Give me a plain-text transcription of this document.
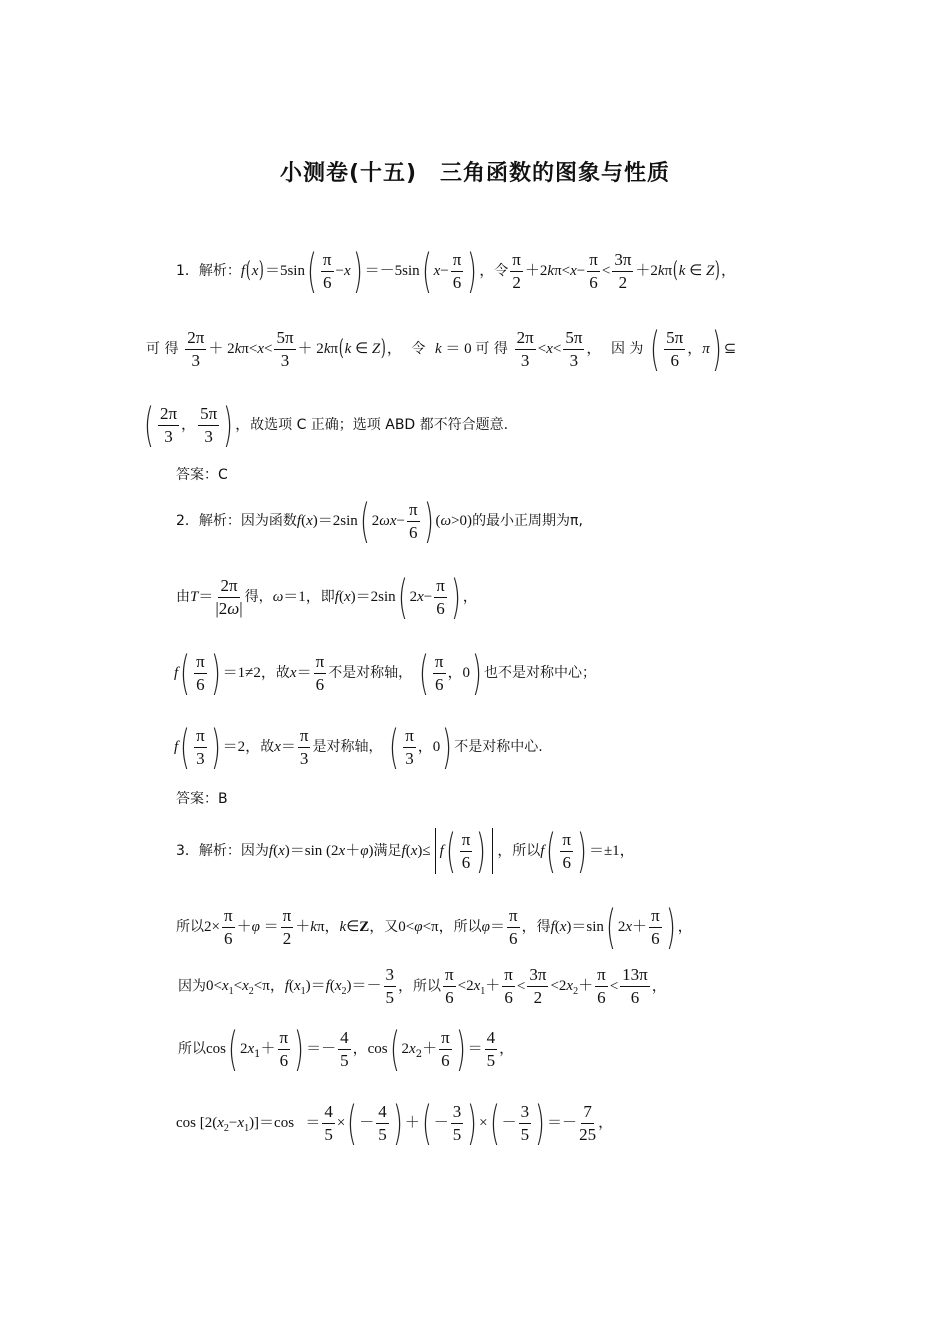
小测卷(十五)　三角函数的图象与性质
1．解析：$f(x)=5\sin( \frac{\pi}{6} -x) =-5\sin$( $x- \frac{\pi}{6}$ ) ，令 $\frac{\pi}{2} +2k\pi<x- \frac{\pi}{6} < \frac{3\pi}{2} +2k\pi(k$ ∈ Z)，
可 得 $\frac{2\pi}{3} + 2k\pi<x< \frac{5\pi}{3} + 2k\pi(k$ ∈ Z)， 令 k ＝ 0 可 得 $\frac{2\pi}{3} <x< \frac{5\pi}{3}$ ， 因 为 ( $\frac{5\pi}{6}$ ，π) ⊆
( $\frac{2\pi}{3}$ ， $\frac{5\pi}{3}$ ) ，故选项 C 正确；选项 ABD 都不符合题意.
答案：C
2．解析：因为函数f(x)＝2sin( $2\omega x- \frac{\pi}{6}$ ) (ω>0)的最小正周期为π,
由$T= \frac{2\pi}{|2\omega|}$ 得，ω＝1，即f(x)＝2sin( $2x- \frac{\pi}{6}$ ) ，
$f( \frac{\pi}{6}$ ) ＝1≠2，故$x= \frac{\pi}{6}$ 不是对称轴， ( $\frac{\pi}{6}$ ，0) 也不是对称中心；
$f( \frac{\pi}{3}$ ) ＝2，故$x= \frac{\pi}{3}$ 是对称轴， ( $\frac{\pi}{3}$ ，0) 不是对称中心.
答案：B
3．解析：因为f(x)＝sin (2x＋φ)满足$f(x)\le f( \frac{\pi}{6}$ ) ，所以$f( \frac{\pi}{6}$ ) ＝±1，
所以$2\times \frac{\pi}{6} +\varphi = \frac{\pi}{2} +k\pi$，k∈Z，又0<φ<π，所以$\varphi= \frac{\pi}{6}$ ，得f(x)＝sin( $2x+ \frac{\pi}{6}$ ) ，
因为$0<x_1<x_2<\pi$，$f(x_1)=f(x_2)=- \frac{3}{5}$ ，所以 $\frac{\pi}{6} <2x_1+ \frac{\pi}{6} < \frac{3\pi}{2} <2x_2+ \frac{\pi}{6} < \frac{13\pi}{6}$ ，
所以cos( $2x_1+ \frac{\pi}{6}$ ) ＝－ $\frac{4}{5}$ ，cos( $2x_2+ \frac{\pi}{6}$ ) ＝ $\frac{4}{5}$ ，
$\cos [2(x_2-x_1)]=\cos = \frac{4}{5}$ ×( － $\frac{4}{5}$ ) ＋( － $\frac{3}{5}$ ) ×( － $\frac{3}{5}$ ) ＝－ $\frac{7}{25}$ ，
